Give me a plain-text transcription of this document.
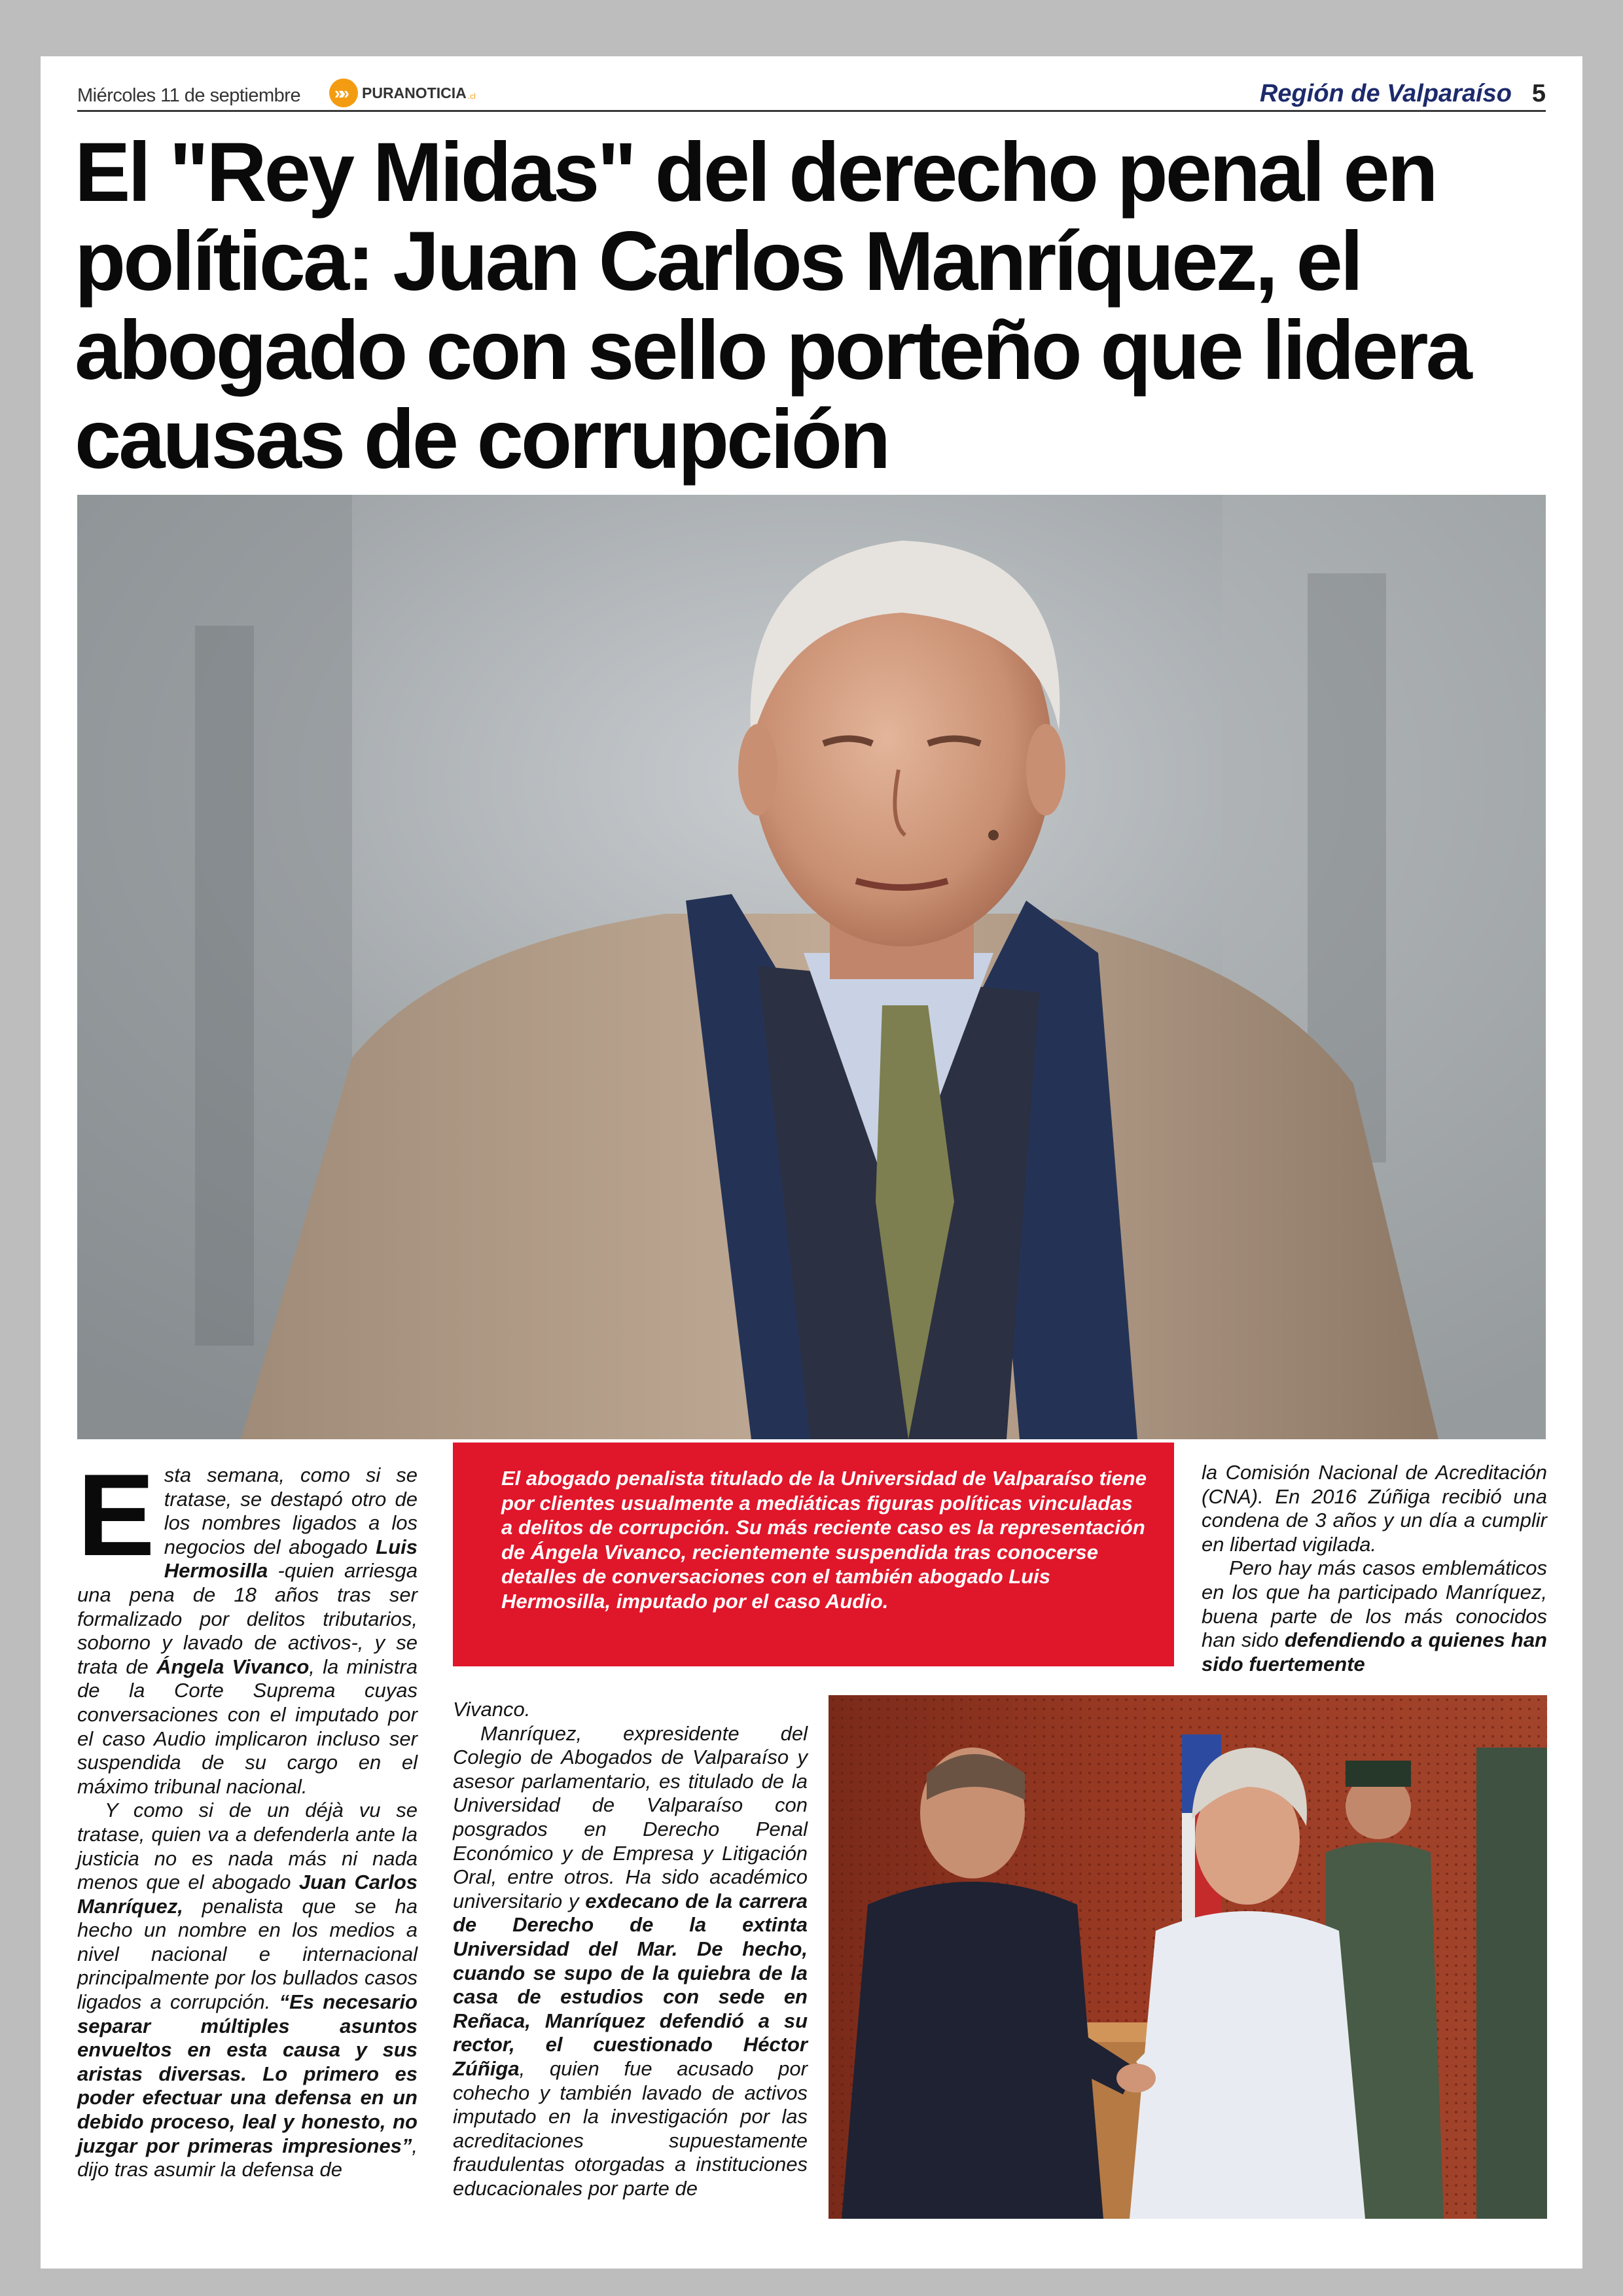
Miércoles 11 de septiembre »» PURANOTICIA .cl	Región de Valparaíso 5
El "Rey Midas" del derecho penal en política: Juan Carlos Manríquez, el abogado con sello porteño que lidera causas de corrupción
E sta semana, como si se tratase, se destapó otro de los nombres ligados a los negocios del abogado Luis Hermosilla -quien arriesga una pena de 18 años tras ser formalizado por delitos tributarios, soborno y lavado de activos-, y se trata de Ángela Vivanco, la ministra de la Corte Suprema cuyas conversaciones con el imputado por el caso Audio implicaron incluso ser suspendida de su cargo en el máximo tribunal nacional.

Y como si de un déjà vu se tratase, quien va a defenderla ante la justicia no es nada más ni nada menos que el abogado Juan Carlos Manríquez, penalista que se ha hecho un nombre en los medios a nivel nacional e internacional principalmente por los bullados casos ligados a corrupción. “Es necesario separar múltiples asuntos envueltos en esta causa y sus aristas diversas. Lo primero es poder efectuar una defensa en un debido proceso, leal y honesto, no juzgar por primeras impresiones”, dijo tras asumir la defensa de

El abogado penalista titulado de la Universidad de Valparaíso tiene por clientes usualmente a mediáticas figuras políticas vinculadas a delitos de corrupción. Su más reciente caso es la representación de Ángela Vivanco, recientemente suspendida tras conocerse detalles de conversaciones con el también abogado Luis Hermosilla, imputado por el caso Audio.

Vivanco.

Manríquez, expresidente del Colegio de Abogados de Valparaíso y asesor parlamentario, es titulado de la Universidad de Valparaíso con posgrados en Derecho Penal Económico y de Empresa y Litigación Oral, entre otros. Ha sido académico universitario y exdecano de la carrera de Derecho de la extinta Universidad del Mar. De hecho, cuando se supo de la quiebra de la casa de estudios con sede en Reñaca, Manríquez defendió a su rector, el cuestionado Héctor Zúñiga, quien fue acusado por cohecho y también lavado de activos imputado en la investigación por las acreditaciones supuestamente fraudulentas otorgadas a instituciones educacionales por parte de

la Comisión Nacional de Acreditación (CNA). En 2016 Zúñiga recibió una condena de 3 años y un día a cumplir en libertad vigilada.

Pero hay más casos emblemáticos en los que ha participado Manríquez, buena parte de los más conocidos han sido defendiendo a quienes han sido fuertemente
